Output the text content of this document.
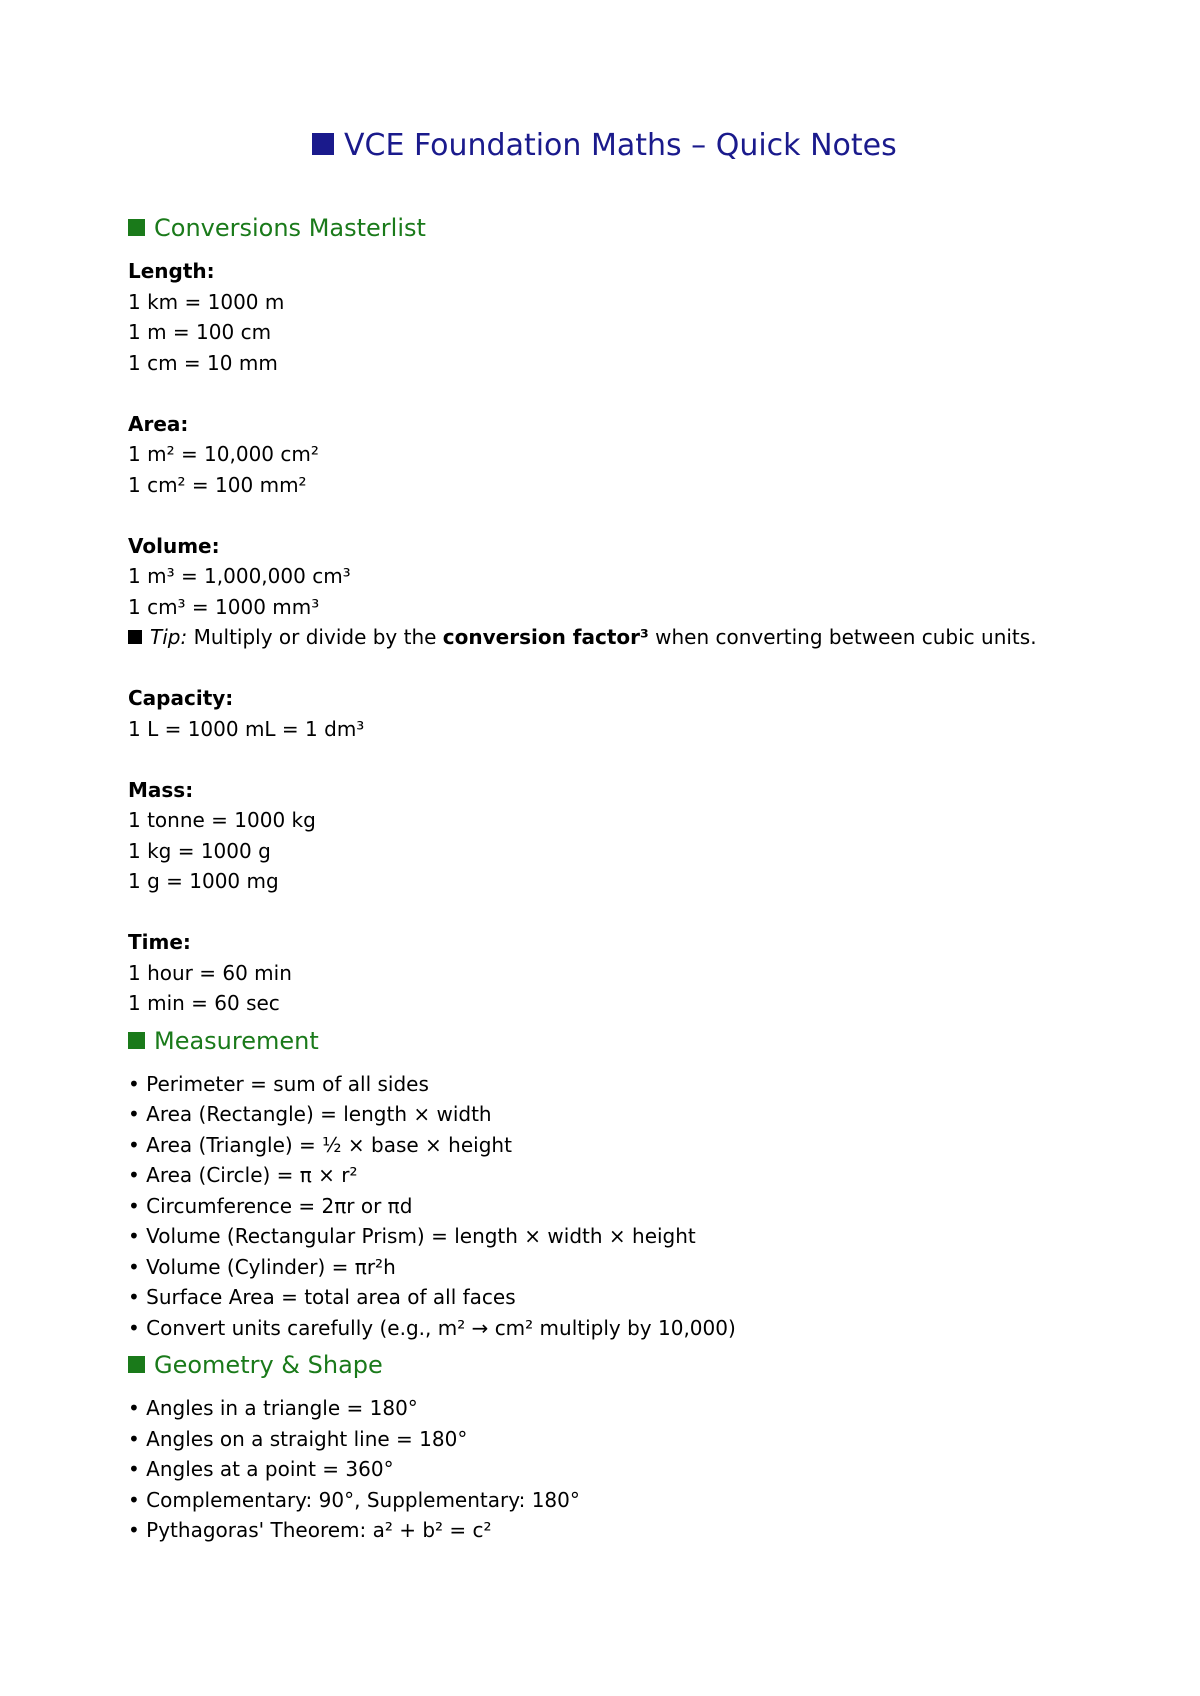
VCE Foundation Maths – Quick Notes
Conversions Masterlist
Length:
1 km = 1000 m
1 m = 100 cm
1 cm = 10 mm
Area:
1 m² = 10,000 cm²
1 cm² = 100 mm²
Volume:
1 m³ = 1,000,000 cm³
1 cm³ = 1000 mm³
Tip: Multiply or divide by the conversion factor³ when converting between cubic units.
Capacity:
1 L = 1000 mL = 1 dm³
Mass:
1 tonne = 1000 kg
1 kg = 1000 g
1 g = 1000 mg
Time:
1 hour = 60 min
1 min = 60 sec
Measurement
• Perimeter = sum of all sides
• Area (Rectangle) = length × width
• Area (Triangle) = ½ × base × height
• Area (Circle) = π × r²
• Circumference = 2πr or πd
• Volume (Rectangular Prism) = length × width × height
• Volume (Cylinder) = πr²h
• Surface Area = total area of all faces
• Convert units carefully (e.g., m² → cm² multiply by 10,000)
Geometry & Shape
• Angles in a triangle = 180°
• Angles on a straight line = 180°
• Angles at a point = 360°
• Complementary: 90°, Supplementary: 180°
• Pythagoras' Theorem: a² + b² = c²
